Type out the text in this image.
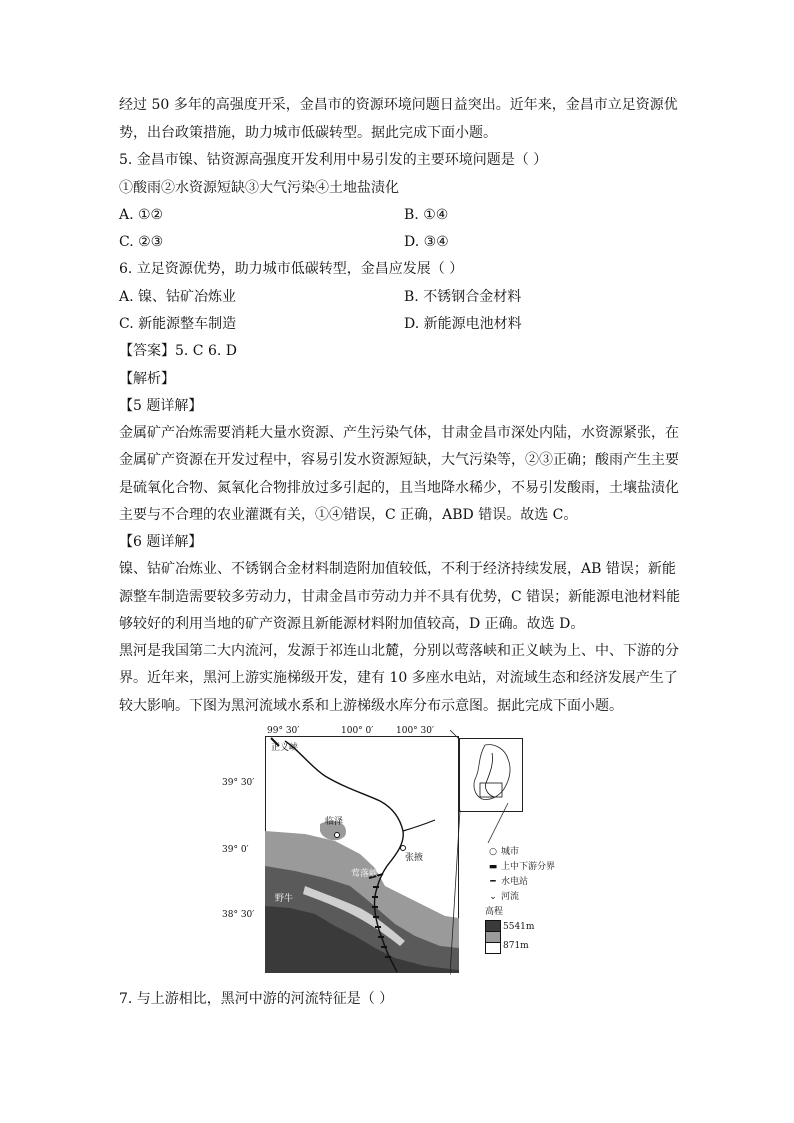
经过 50 多年的高强度开采，金昌市的资源环境问题日益突出。近年来，金昌市立足资源优
势，出台政策措施，助力城市低碳转型。据此完成下面小题。
5. 金昌市镍、钴资源高强度开发利用中易引发的主要环境问题是（ ）
①酸雨②水资源短缺③大气污染④土地盐渍化
A. ①②	B. ①④
C. ②③	D. ③④
6. 立足资源优势，助力城市低碳转型，金昌应发展（ ）
A. 镍、钴矿冶炼业	B. 不锈钢合金材料
C. 新能源整车制造	D. 新能源电池材料
【答案】5. C 6. D
【解析】
【5 题详解】
金属矿产冶炼需要消耗大量水资源、产生污染气体，甘肃金昌市深处内陆，水资源紧张，在
金属矿产资源在开发过程中，容易引发水资源短缺，大气污染等，②③正确；酸雨产生主要
是硫氧化合物、氮氧化合物排放过多引起的，且当地降水稀少，不易引发酸雨，土壤盐渍化
主要与不合理的农业灌溉有关，①④错误，C 正确，ABD 错误。故选 C。
【6 题详解】
镍、钴矿冶炼业、不锈钢合金材料制造附加值较低，不利于经济持续发展，AB 错误；新能
源整车制造需要较多劳动力，甘肃金昌市劳动力并不具有优势，C 错误；新能源电池材料能
够较好的利用当地的矿产资源且新能源材料附加值较高，D 正确。故选 D。
黑河是我国第二大内流河，发源于祁连山北麓，分别以莺落峡和正义峡为上、中、下游的分
界。近年来，黑河上游实施梯级开发，建有 10 多座水电站，对流域生态和经济发展产生了
较大影响。下图为黑河流域水系和上游梯级水库分布示意图。据此完成下面小题。
99° 30′	100° 0′	100° 30′
39° 30′
39° 0′
38° 30′
正义峡
临泽
张掖
莺落峡
野牛
○ 城市
▬ 上中下游分界
━ 水电站
⌄ 河流
高程
5541m
871m
7. 与上游相比，黑河中游的河流特征是（ ）
